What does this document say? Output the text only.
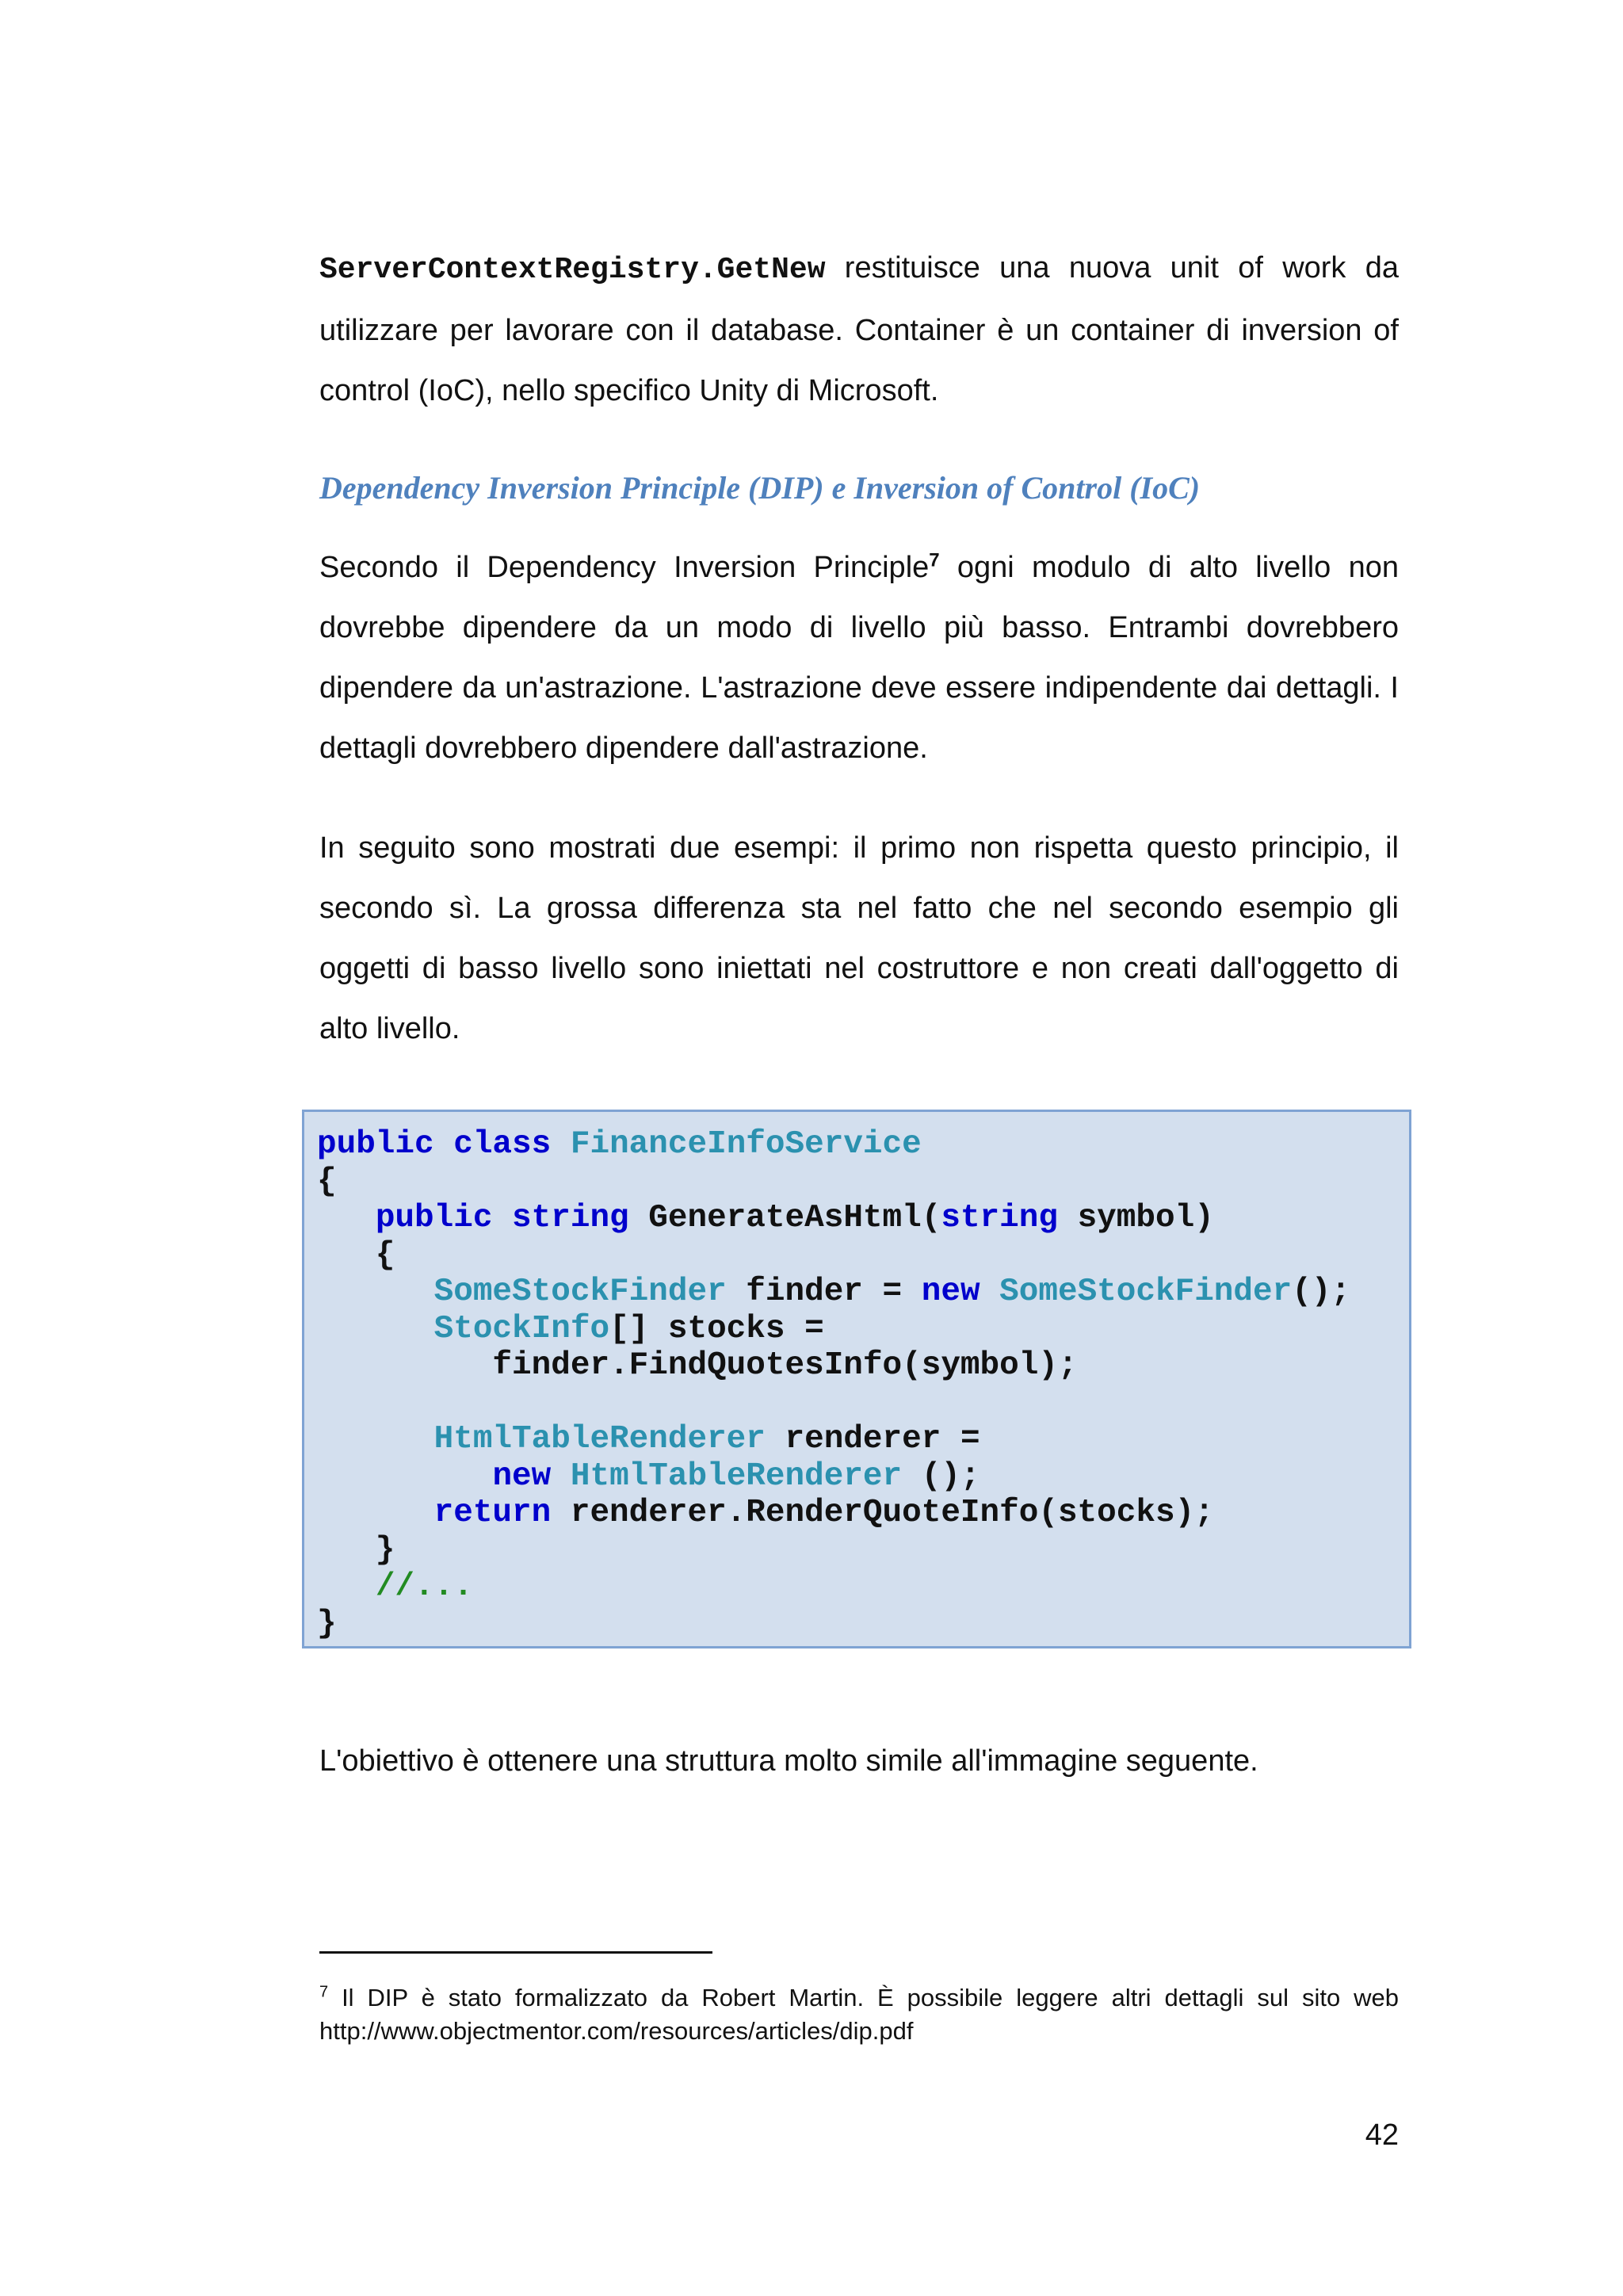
ServerContextRegistry.GetNew restituisce una nuova unit of work da utilizzare per lavorare con il database. Container è un container di inversion of control (IoC), nello specifico Unity di Microsoft.

Dependency Inversion Principle (DIP) e Inversion of Control (IoC)

Secondo il Dependency Inversion Principle$^7$ ogni modulo di alto livello non dovrebbe dipendere da un modo di livello più basso. Entrambi dovrebbero dipendere da un'astrazione. L'astrazione deve essere indipendente dai dettagli. I dettagli dovrebbero dipendere dall'astrazione.

In seguito sono mostrati due esempi: il primo non rispetta questo principio, il secondo sì. La grossa differenza sta nel fatto che nel secondo esempio gli oggetti di basso livello sono iniettati nel costruttore e non creati dall'oggetto di alto livello.

L'obiettivo è ottenere una struttura molto simile all'immagine seguente.

public class FinanceInfoService
{
public string GenerateAsHtml(string symbol)
{
SomeStockFinder finder = new SomeStockFinder();
StockInfo[] stocks =
finder.FindQuotesInfo(symbol);

HtmlTableRenderer renderer =
new HtmlTableRenderer ();
return renderer.RenderQuoteInfo(stocks);
}
//...
}

$^7$ Il DIP è stato formalizzato da Robert Martin. È possibile leggere altri dettagli sul sito web http://www.objectmentor.com/resources/articles/dip.pdf

42
